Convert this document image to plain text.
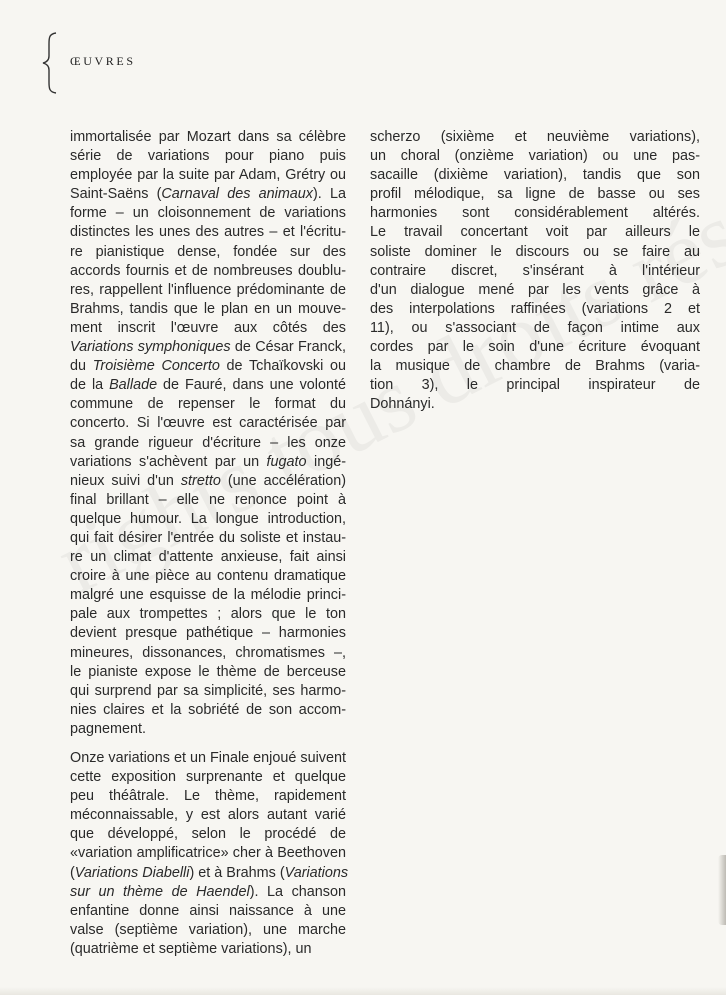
ŒUVRES

immortalisée par Mozart dans sa célèbre
série de variations pour piano puis
employée par la suite par Adam, Grétry ou
Saint-Saëns (Carnaval des animaux). La
forme – un cloisonnement de variations
distinctes les unes des autres – et l'écritu-
re pianistique dense, fondée sur des
accords fournis et de nombreuses doublu-
res, rappellent l'influence prédominante de
Brahms, tandis que le plan en un mouve-
ment inscrit l'œuvre aux côtés des
Variations symphoniques de César Franck,
du Troisième Concerto de Tchaïkovski ou
de la Ballade de Fauré, dans une volonté
commune de repenser le format du
concerto. Si l'œuvre est caractérisée par
sa grande rigueur d'écriture – les onze
variations s'achèvent par un fugato ingé-
nieux suivi d'un stretto (une accélération)
final brillant – elle ne renonce point à
quelque humour. La longue introduction,
qui fait désirer l'entrée du soliste et instau-
re un climat d'attente anxieuse, fait ainsi
croire à une pièce au contenu dramatique
malgré une esquisse de la mélodie princi-
pale aux trompettes ; alors que le ton
devient presque pathétique – harmonies
mineures, dissonances, chromatismes –,
le pianiste expose le thème de berceuse
qui surprend par sa simplicité, ses harmo-
nies claires et la sobriété de son accom-
pagnement.

Onze variations et un Finale enjoué suivent
cette exposition surprenante et quelque
peu théâtrale. Le thème, rapidement
méconnaissable, y est alors autant varié
que développé, selon le procédé de
«variation amplificatrice» cher à Beethoven
(Variations Diabelli) et à Brahms (Variations
sur un thème de Haendel). La chanson
enfantine donne ainsi naissance à une
valse (septième variation), une marche
(quatrième et septième variations), un

scherzo (sixième et neuvième variations),
un choral (onzième variation) ou une pas-
sacaille (dixième variation), tandis que son
profil mélodique, sa ligne de basse ou ses
harmonies sont considérablement altérés.
Le travail concertant voit par ailleurs le
soliste dominer le discours ou se faire au
contraire discret, s'insérant à l'intérieur
d'un dialogue mené par les vents grâce à
des interpolations raffinées (variations 2 et
11), ou s'associant de façon intime aux
cordes par le soin d'une écriture évoquant
la musique de chambre de Brahms (varia-
tion 3), le principal inspirateur de
Dohnányi.
